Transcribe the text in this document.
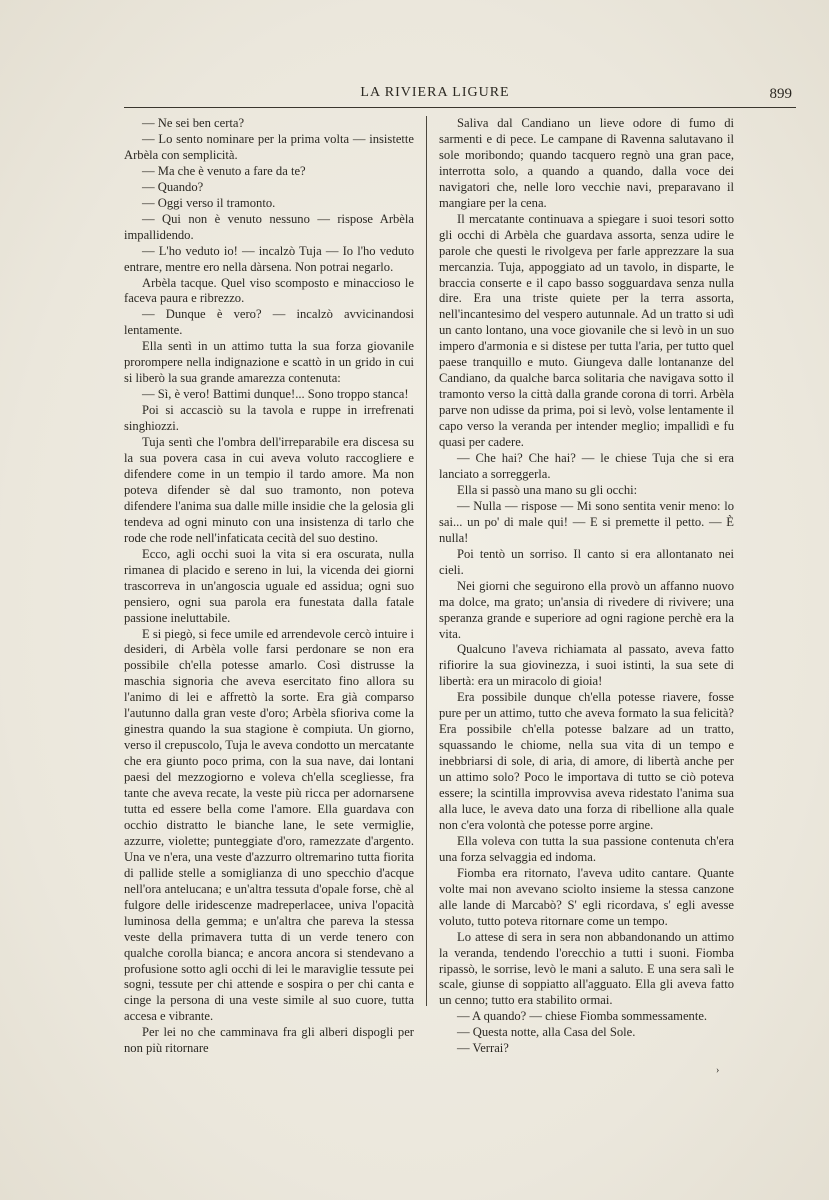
LA RIVIERA LIGURE	899

— Ne sei ben certa?

— Lo sento nominare per la prima volta — insistette Arbèla con semplicità.

— Ma che è venuto a fare da te?

— Quando?

— Oggi verso il tramonto.

— Qui non è venuto nessuno — rispose Arbèla impallidendo.

— L'ho veduto io! — incalzò Tuja — Io l'ho veduto entrare, mentre ero nella dàrsena. Non potrai negarlo.

Arbèla tacque. Quel viso scomposto e minaccioso le faceva paura e ribrezzo.

— Dunque è vero? — incalzò avvicinandosi lentamente.

Ella sentì in un attimo tutta la sua forza giovanile prorompere nella indignazione e scattò in un grido in cui si liberò la sua grande amarezza contenuta:

— Sì, è vero! Battimi dunque!... Sono troppo stanca!

Poi si accasciò su la tavola e ruppe in irrefrenati singhiozzi.

Tuja sentì che l'ombra dell'irreparabile era discesa su la sua povera casa in cui aveva voluto raccogliere e difendere come in un tempio il tardo amore. Ma non poteva difender sè dal suo tramonto, non poteva difendere l'anima sua dalle mille insidie che la gelosia gli tendeva ad ogni minuto con una insistenza di tarlo che rode che rode nell'infaticata cecità del suo destino.

Ecco, agli occhi suoi la vita si era oscurata, nulla rimanea di placido e sereno in lui, la vicenda dei giorni trascorreva in un'angoscia uguale ed assidua; ogni suo pensiero, ogni sua parola era funestata dalla fatale passione ineluttabile.

E si piegò, si fece umile ed arrendevole cercò intuire i desideri, di Arbèla volle farsi perdonare se non era possibile ch'ella potesse amarlo. Così distrusse la maschia signoria che aveva esercitato fino allora su l'animo di lei e affrettò la sorte. Era già comparso l'autunno dalla gran veste d'oro; Arbèla sfioriva come la ginestra quando la sua stagione è compiuta. Un giorno, verso il crepuscolo, Tuja le aveva condotto un mercatante che era giunto poco prima, con la sua nave, dai lontani paesi del mezzogiorno e voleva ch'ella scegliesse, fra tante che aveva recate, la veste più ricca per adornarsene tutta ed essere bella come l'amore. Ella guardava con occhio distratto le bianche lane, le sete vermiglie, azzurre, violette; punteggiate d'oro, ramezzate d'argento. Una ve n'era, una veste d'azzurro oltremarino tutta fiorita di pallide stelle a somiglianza di uno specchio d'acque nell'ora antelucana; e un'altra tessuta d'opale forse, chè al fulgore delle iridescenze madreperlacee, univa l'opacità luminosa della gemma; e un'altra che pareva la stessa veste della primavera tutta di un verde tenero con qualche corolla bianca; e ancora ancora si stendevano a profusione sotto agli occhi di lei le maraviglie tessute pei sogni, tessute per chi attende e sospira o per chi canta e cinge la persona di una veste simile al suo cuore, tutta accesa e vibrante.

Per lei no che camminava fra gli alberi dispogli per non più ritornare

Saliva dal Candiano un lieve odore di fumo di sarmenti e di pece. Le campane di Ravenna salutavano il sole moribondo; quando tacquero regnò una gran pace, interrotta solo, a quando a quando, dalla voce dei navigatori che, nelle loro vecchie navi, preparavano il mangiare per la cena.

Il mercatante continuava a spiegare i suoi tesori sotto gli occhi di Arbèla che guardava assorta, senza udire le parole che questi le rivolgeva per farle apprezzare la sua mercanzia. Tuja, appoggiato ad un tavolo, in disparte, le braccia conserte e il capo basso sogguardava senza nulla dire. Era una triste quiete per la terra assorta, nell'incantesimo del vespero autunnale. Ad un tratto si udì un canto lontano, una voce giovanile che si levò in un suo impero d'armonia e si distese per tutta l'aria, per tutto quel paese tranquillo e muto. Giungeva dalle lontananze del Candiano, da qualche barca solitaria che navigava sotto il tramonto verso la città dalla grande corona di torri. Arbèla parve non udisse da prima, poi si levò, volse lentamente il capo verso la veranda per intender meglio; impallidì e fu quasi per cadere.

— Che hai? Che hai? — le chiese Tuja che si era lanciato a sorreggerla.

Ella si passò una mano su gli occhi:

— Nulla — rispose — Mi sono sentita venir meno: lo sai... un po' di male qui! — E si premette il petto. — È nulla!

Poi tentò un sorriso. Il canto si era allontanato nei cieli.

Nei giorni che seguirono ella provò un affanno nuovo ma dolce, ma grato; un'ansia di rivedere di rivivere; una speranza grande e superiore ad ogni ragione perchè era la vita.

Qualcuno l'aveva richiamata al passato, aveva fatto rifiorire la sua giovinezza, i suoi istinti, la sua sete di libertà: era un miracolo di gioia!

Era possibile dunque ch'ella potesse riavere, fosse pure per un attimo, tutto che aveva formato la sua felicità? Era possibile ch'ella potesse balzare ad un tratto, squassando le chiome, nella sua vita di un tempo e inebbriarsi di sole, di aria, di amore, di libertà anche per un attimo solo? Poco le importava di tutto se ciò poteva essere; la scintilla improvvisa aveva ridestato l'anima sua alla luce, le aveva dato una forza di ribellione alla quale non c'era volontà che potesse porre argine.

Ella voleva con tutta la sua passione contenuta ch'era una forza selvaggia ed indoma.

Fiomba era ritornato, l'aveva udito cantare. Quante volte mai non avevano sciolto insieme la stessa canzone alle lande di Marcabò? S' egli ricordava, s' egli avesse voluto, tutto poteva ritornare come un tempo.

Lo attese di sera in sera non abbandonando un attimo la veranda, tendendo l'orecchio a tutti i suoni. Fiomba ripassò, le sorrise, levò le mani a saluto. E una sera salì le scale, giunse di soppiatto all'agguato. Ella gli aveva fatto un cenno; tutto era stabilito ormai.

— A quando? — chiese Fiomba sommessamente.

— Questa notte, alla Casa del Sole.

— Verrai?

›
